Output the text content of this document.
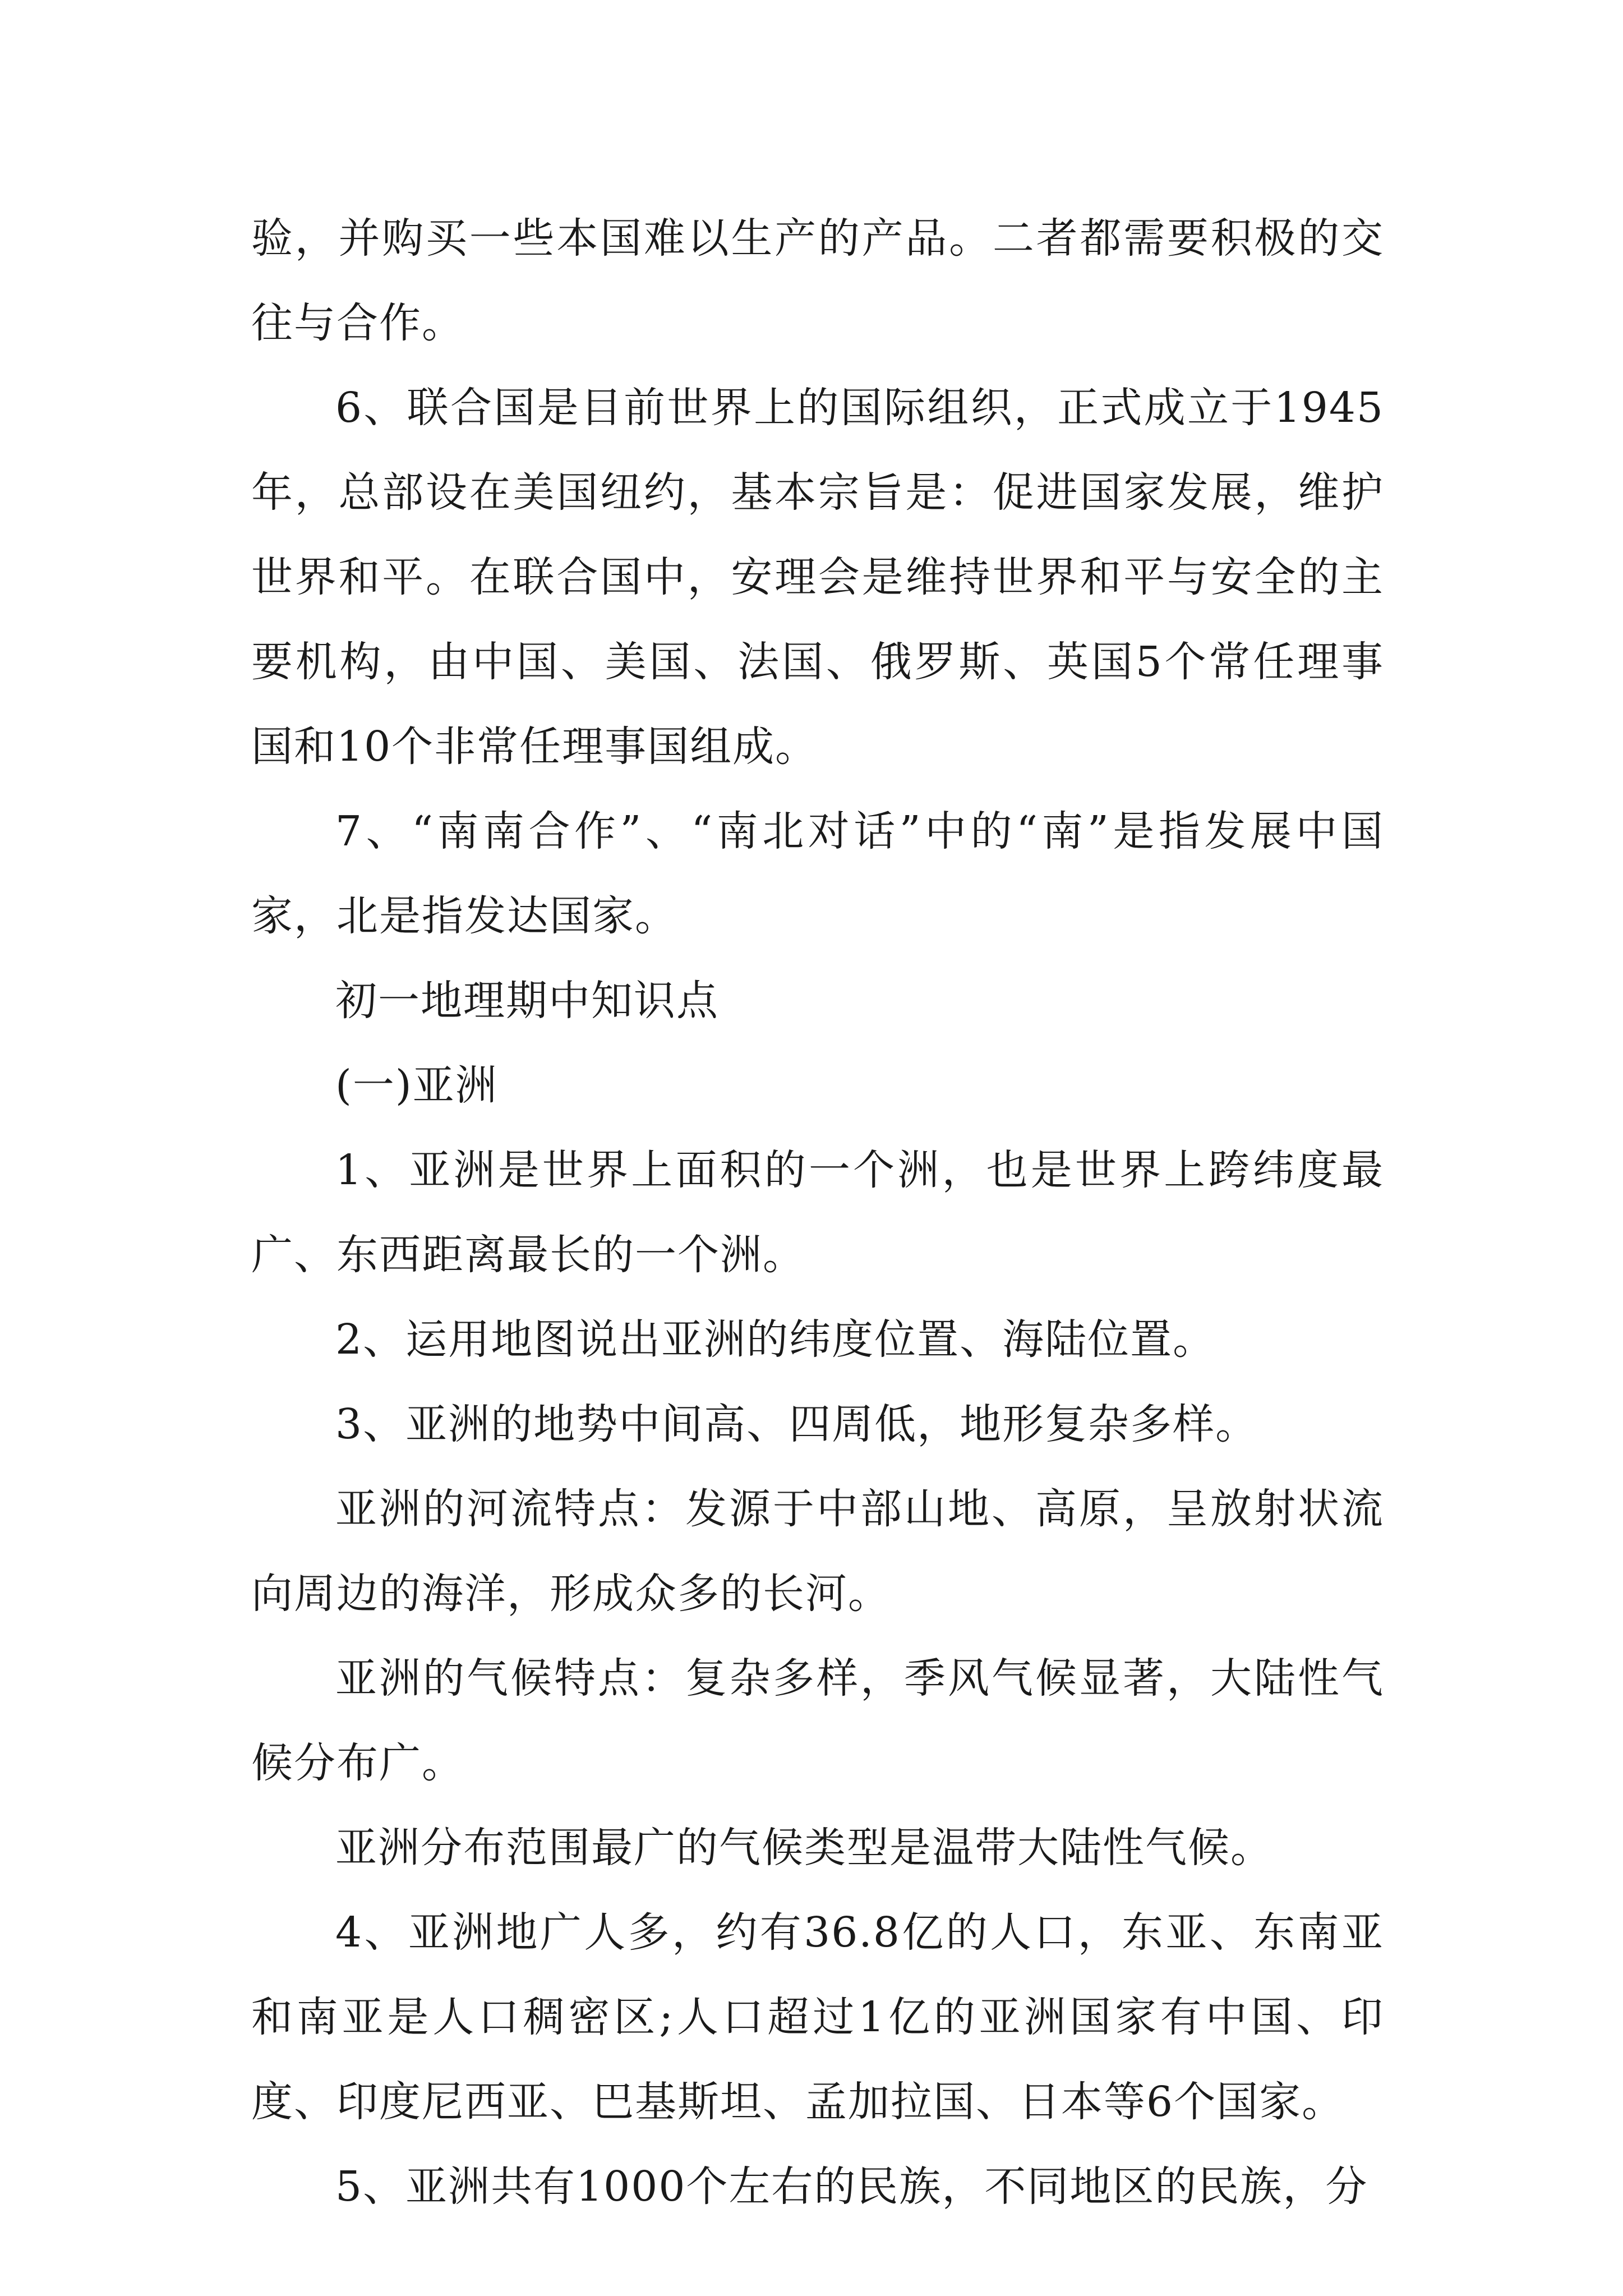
验，并购买一些本国难以生产的产品。二者都需要积极的交往与合作。

6、联合国是目前世界上的国际组织，正式成立于1945年，总部设在美国纽约，基本宗旨是：促进国家发展，维护世界和平。在联合国中，安理会是维持世界和平与安全的主要机构，由中国、美国、法国、俄罗斯、英国5个常任理事国和10个非常任理事国组成。

7、“南南合作”、“南北对话”中的“南”是指发展中国家，北是指发达国家。

初一地理期中知识点

(一)亚洲

1、亚洲是世界上面积的一个洲，也是世界上跨纬度最广、东西距离最长的一个洲。

2、运用地图说出亚洲的纬度位置、海陆位置。

3、亚洲的地势中间高、四周低，地形复杂多样。

亚洲的河流特点：发源于中部山地、高原，呈放射状流向周边的海洋，形成众多的长河。

亚洲的气候特点：复杂多样，季风气候显著，大陆性气候分布广。

亚洲分布范围最广的气候类型是温带大陆性气候。

4、亚洲地广人多，约有36.8亿的人口，东亚、东南亚和南亚是人口稠密区;人口超过1亿的亚洲国家有中国、印度、印度尼西亚、巴基斯坦、孟加拉国、日本等6个国家。

5、亚洲共有1000个左右的民族，不同地区的民族，分
